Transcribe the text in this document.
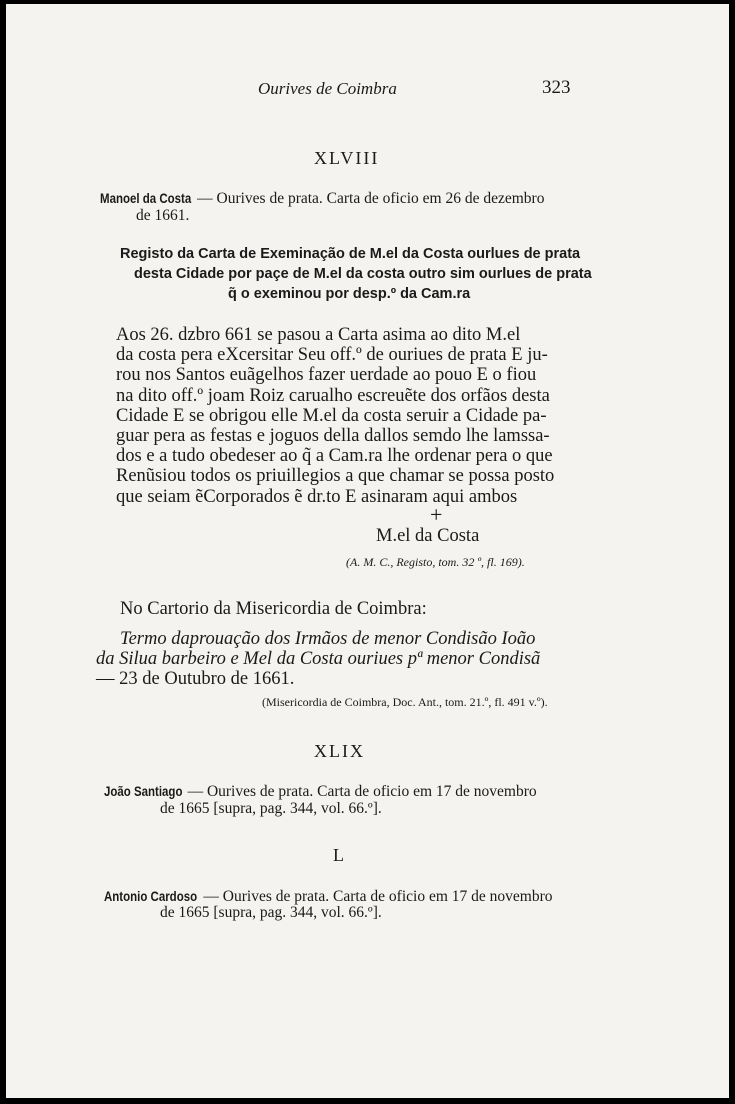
Ourives de Coimbra	323
XLVIII
Manoel da Costa — Ourives de prata. Carta de oficio em 26 de dezembro
de 1661.
Registo da Carta de Exeminação de M.el da Costa ourlues de prata
desta Cidade por paçe de M.el da costa outro sim ourlues de prata
q̃ o exeminou por desp.º da Cam.ra
Aos 26. dzbro 661 se pasou a Carta asima ao dito M.el
da costa pera eXcersitar Seu off.º de ouriues de prata E ju-
rou nos Santos euãgelhos fazer uerdade ao pouo E o fiou
na dito off.º joam Roiz carualho escreuẽte dos orfãos desta
Cidade E se obrigou elle M.el da costa seruir a Cidade pa-
guar pera as festas e joguos della dallos semdo lhe lamssa-
dos e a tudo obedeser ao q̃ a Cam.ra lhe ordenar pera o que
Renũsiou todos os priuillegios a que chamar se possa posto
que seiam ẽCorporados ẽ dr.to E asinaram aqui ambos
+
M.el da Costa
(A. M. C., Registo, tom. 32 º, fl. 169).
No Cartorio da Misericordia de Coimbra:
Termo daprouação dos Irmãos de menor Condisão Ioão
da Silua barbeiro e Mel da Costa ouriues pª menor Condisã
— 23 de Outubro de 1661.
(Misericordia de Coimbra, Doc. Ant., tom. 21.º, fl. 491 v.º).
XLIX
João Santiago — Ourives de prata. Carta de oficio em 17 de novembro
de 1665 [supra, pag. 344, vol. 66.º].
L
Antonio Cardoso — Ourives de prata. Carta de oficio em 17 de novembro
de 1665 [supra, pag. 344, vol. 66.º].
